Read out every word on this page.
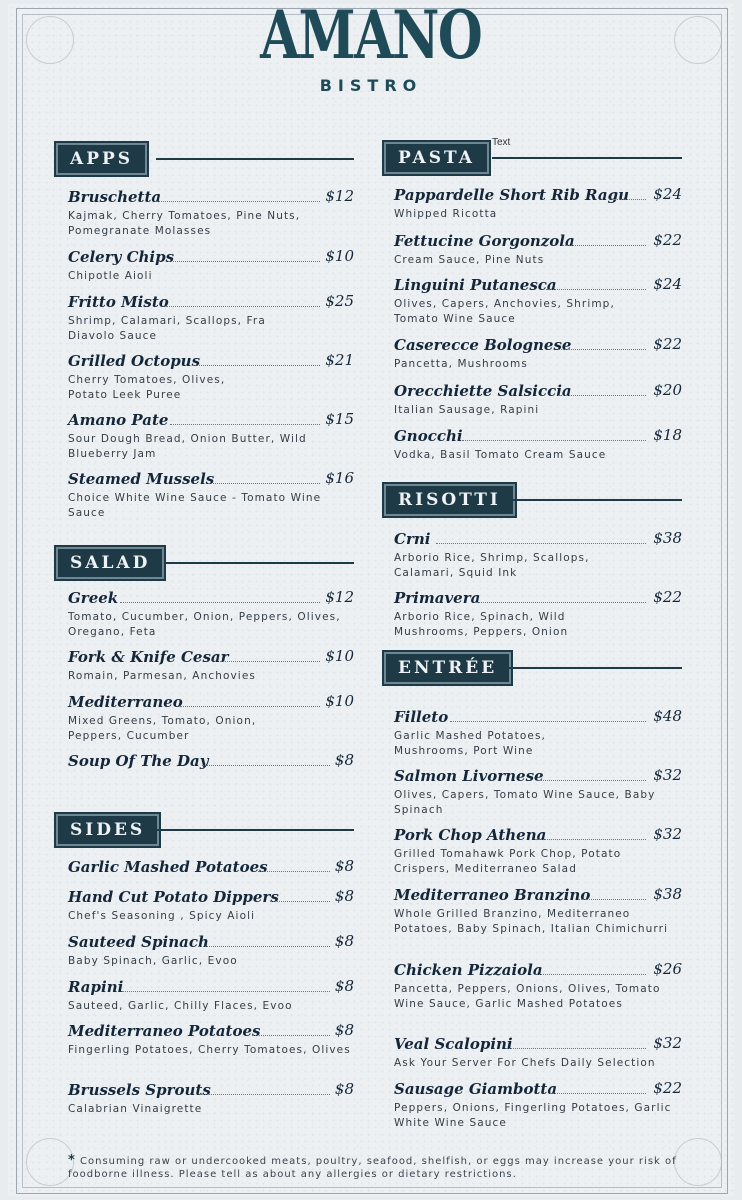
AMANO
BISTRO
Text
APPS
SALAD
SIDES
PASTA
RISOTTI
ENTRÉE
Bruschetta	$12
Kajmak, Cherry Tomatoes, Pine Nuts, Pomegranate Molasses
Celery Chips	$10
Chipotle Aioli
Fritto Misto	$25
Shrimp, Calamari, Scallops, Fra Diavolo Sauce
Grilled Octopus	$21
Cherry Tomatoes, Olives, Potato Leek Puree
Amano Pate	$15
Sour Dough Bread, Onion Butter, Wild Blueberry Jam
Steamed Mussels	$16
Choice White Wine Sauce - Tomato Wine Sauce
Greek	$12
Tomato, Cucumber, Onion, Peppers, Olives, Oregano, Feta
Fork & Knife Cesar	$10
Romain, Parmesan, Anchovies
Mediterraneo	$10
Mixed Greens, Tomato, Onion, Peppers, Cucumber
Soup Of The Day	$8
Garlic Mashed Potatoes	$8
Hand Cut Potato Dippers	$8
Chef's Seasoning , Spicy Aioli
Sauteed Spinach	$8
Baby Spinach, Garlic, Evoo
Rapini	$8
Sauteed, Garlic, Chilly Flaces, Evoo
Mediterraneo Potatoes	$8
Fingerling Potatoes, Cherry Tomatoes, Olives
Brussels Sprouts	$8
Calabrian Vinaigrette
Pappardelle Short Rib Ragu $24
Whipped Ricotta
Fettucine Gorgonzola	$22
Cream Sauce, Pine Nuts
Linguini Putanesca	$24
Olives, Capers, Anchovies, Shrimp, Tomato Wine Sauce
Caserecce Bolognese	$22
Pancetta, Mushrooms
Orecchiette Salsiccia	$20
Italian Sausage, Rapini
Gnocchi	$18
Vodka, Basil Tomato Cream Sauce
Crni	$38
Arborio Rice, Shrimp, Scallops, Calamari, Squid Ink
Primavera	$22
Arborio Rice, Spinach, Wild Mushrooms, Peppers, Onion
Filleto	$48
Garlic Mashed Potatoes, Mushrooms, Port Wine
Salmon Livornese	$32
Olives, Capers, Tomato Wine Sauce, Baby Spinach
Pork Chop Athena	$32
Grilled Tomahawk Pork Chop, Potato Crispers, Mediterraneo Salad
Mediterraneo Branzino	$38
Whole Grilled Branzino, Mediterraneo Potatoes, Baby Spinach, Italian Chimichurri
Chicken Pizzaiola	$26
Pancetta, Peppers, Onions, Olives, Tomato Wine Sauce, Garlic Mashed Potatoes
Veal Scalopini	$32
Ask Your Server For Chefs Daily Selection
Sausage Giambotta	$22
Peppers, Onions, Fingerling Potatoes, Garlic White Wine Sauce
* Consuming raw or undercooked meats, poultry, seafood, shelfish, or eggs may increase your risk of foodborne illness. Please tell as about any allergies or dietary restrictions.
